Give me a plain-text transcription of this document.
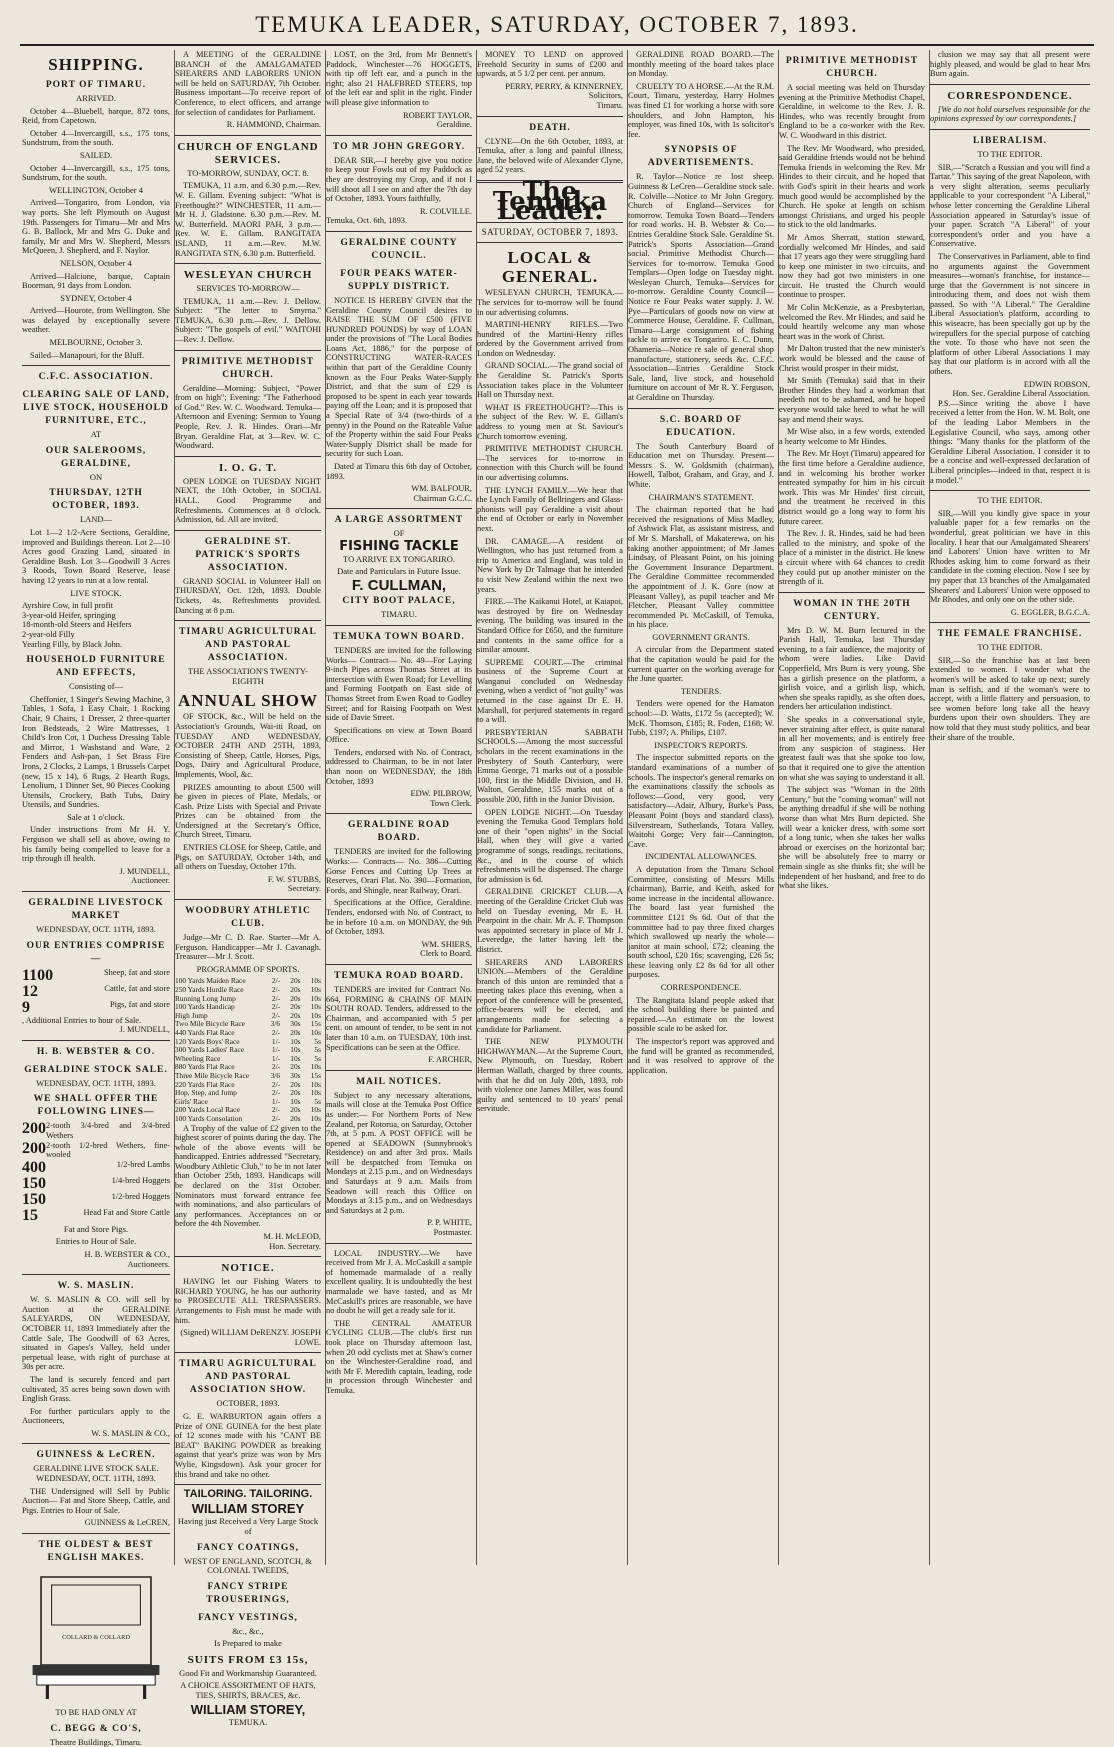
TEMUKA LEADER, SATURDAY, OCTOBER 7, 1893.
SHIPPING.
PORT OF TIMARU.
ARRIVED.

October 4—Bluebell, barque, 872 tons, Reid, from Capetown.

October 4—Invercargill, s.s., 175 tons, Sundstrum, from the south.

SAILED.

October 4—Invercargill, s.s., 175 tons, Sundstrum, for the south.

WELLINGTON, October 4

Arrived—Tongariro, from London, via way ports. She left Plymouth on August 19th. Passengers for Timaru—Mr and Mrs G. B. Ballock, Mr and Mrs G. Duke and family, Mr and Mrs W. Shepherd, Messrs McQueen, J. Shepherd, and F. Naylor.

NELSON, October 4

Arrived—Halcione, barque, Captain Boorman, 91 days from London.

SYDNEY, October 4

Arrived—Hourote, from Wellington. She was delayed by exceptionally severe weather.

MELBOURNE, October 3.

Sailed—Manapouri, for the Bluff.

C.F.C. ASSOCIATION.
CLEARING SALE OF LAND, LIVE STOCK, HOUSEHOLD FURNITURE, ETC.,
AT
OUR SALEROOMS, GERALDINE,
ON
THURSDAY, 12TH OCTOBER, 1893.
LAND—

Lot 1—2 1/2-Acre Sections, Geraldine, improved and Buildings thereon. Lot 2—10 Acres good Grazing Land, situated in Geraldine Bush. Lot 3—Goodwill 3 Acres 3 Roods, Town Board Reserve, lease having 12 years to run at a low rental.

LIVE STOCK.
Ayrshire Cow, in full profit
3-year-old Heifer, springing
18-month-old Steers and Heifers
2-year-old Filly
Yearling Filly, by Black John.
HOUSEHOLD FURNITURE AND EFFECTS,
Consisting of—

Cheffonier, 1 Singer's Sewing Machine, 3 Tables, 1 Sofa, 1 Easy Chair, 1 Rocking Chair, 9 Chairs, 1 Dresser, 2 three-quarter Iron Bedsteads, 2 Wire Mattresses, 1 Child's Iron Cot, 1 Duchess Dressing Table and Mirror, 1 Washstand and Ware, 2 Fenders and Ash-pan, 1 Set Brass Fire Irons, 2 Clocks, 2 Lamps, 1 Brussels Carpet (new, 15 x 14), 6 Rugs, 2 Hearth Rugs, Lenolium, 1 Dinner Set, 90 Pieces Cooking Utensils, Crockery, Bath Tubs, Dairy Utensils, and Sundries.

Sale at 1 o'clock.

Under instructions from Mr H. Y. Ferguson we shall sell as above, owing to his family being compelled to leave for a trip through ill health.

J. MUNDELL,
Auctioneer.
GERALDINE LIVESTOCK MARKET
WEDNESDAY, OCT. 11TH, 1893.
OUR ENTRIES COMPRISE—
1100	Sheep, fat and store
12	Cattle, fat and store
9	Pigs, fat and store
, Additional Entries to hour of Sale.
J. MUNDELL,
H. B. WEBSTER & CO.
GERALDINE STOCK SALE.
WEDNESDAY, OCT. 11TH, 1893.
WE SHALL OFFER THE FOLLOWING LINES—
200 2-tooth 3/4-bred and 3/4-bred Wethers
200 2-tooth 1/2-bred Wethers, fine-wooled
400	1/2-bred Lambs
150	1/4-bred Hoggets
150	1/2-bred Hoggets
15	Head Fat and Store Cattle
Fat and Store Pigs.
Entries to Hour of Sale.
H. B. WEBSTER & CO.,
Auctioneers.
W. S. MASLIN.

W. S. MASLIN & CO. will sell by Auction at the GERALDINE SALEYARDS, ON WEDNESDAY, OCTOBER 11, 1893 Immediately after the Cattle Sale, The Goodwill of 63 Acres, situated in Gapes's Valley, held under perpetual lease, with right of purchase at 30s per acre.

The land is securely fenced and part cultivated, 35 acres being sown down with English Grass.

For further particulars apply to the Auctioneers,

W. S. MASLIN & CO.,
GUINNESS & LeCREN.
GERALDINE LIVE STOCK SALE. WEDNESDAY, OCT. 11TH, 1893.

THE Undersigned will Sell by Public Auction— Fat and Store Sheep, Cattle, and Pigs. Entries to Hour of Sale.

GUINNESS & LeCREN,
THE OLDEST & BEST ENGLISH MAKES.
COLLARD & COLLARD
TO BE HAD ONLY AT
C. BEGG & CO'S,
Theatre Buildings, Timaru.

A MEETING of the GERALDINE BRANCH of the AMALGAMATED SHEARERS AND LABORERS UNION will be held on SATURDAY, 7th October. Business important—To receive report of Conference, to elect officers, and arrange for selection of candidates for Parliament.

R. HAMMOND, Chairman.
CHURCH OF ENGLAND SERVICES.
TO-MORROW, SUNDAY, OCT. 8.

TEMUKA, 11 a.m. and 6.30 p.m.—Rev. W. E. Gillam. Evening subject: "What is Freethought?" WINCHESTER, 11 a.m.—Mr H. J. Gladstone. 6.30 p.m.—Rev. M. W. Butterfield. MAORI PAH, 3 p.m.—Rev. W. E. Gillam. RANGITATA ISLAND, 11 a.m.—Rev. M.W. RANGITATA STN, 6.30 p.m. Butterfield.

WESLEYAN CHURCH
SERVICES TO-MORROW—

TEMUKA, 11 a.m.—Rev. J. Dellow. Subject: "The letter to Smyrna." TEMUKA, 6.30 p.m.—Rev. J. Dellow. Subject: "The gospels of evil." WAITOHI—Rev. J. Dellow.

PRIMITIVE METHODIST CHURCH.

Geraldine—Morning: Subject, "Power from on high"; Evening: "The Fatherhood of God." Rev. W. C. Woodward. Temuka—Afternoon and Evening: Sermon to Young People, Rev. J. R. Hindes. Orari—Mr Bryan. Geraldine Flat, at 3—Rev. W. C. Woodward.

I. O. G. T.

OPEN LODGE on TUESDAY NIGHT NEXT, the 10th October, in SOCIAL HALL. Good Programme and Refreshments. Commences at 8 o'clock. Admission, 6d. All are invited.

GERALDINE ST. PATRICK'S SPORTS ASSOCIATION.

GRAND SOCIAL in Volunteer Hall on THURSDAY, Oct. 12th, 1893. Double Tickets, 4s. Refreshments provided. Dancing at 8 p.m.

TIMARU AGRICULTURAL AND PASTORAL ASSOCIATION.
THE ASSOCIATION'S TWENTY-EIGHTH
ANNUAL SHOW

OF STOCK, &c., Will be held on the Association's Grounds, Wai-iti Road, on TUESDAY AND WEDNESDAY, OCTOBER 24TH AND 25TH, 1893, Consisting of Sheep, Cattle, Horses, Pigs, Dogs, Dairy and Agricultural Produce, Implements, Wool, &c.

PRIZES amounting to about £500 will be given in pieces of Plate, Medals, or Cash. Prize Lists with Special and Private Prizes can be obtained from the Undersigned at the Secretary's Office, Church Street, Timaru.

ENTRIES CLOSE for Sheep, Cattle, and Pigs, on SATURDAY, October 14th, and all others on Tuesday, October 17th.

F. W. STUBBS,
Secretary.
WOODBURY ATHLETIC CLUB.

Judge—Mr C. D. Rae. Starter—Mr A. Ferguson. Handicapper—Mr J. Cavanagh. Treasurer—Mr J. Scott.

PROGRAMME OF SPORTS.
100 Yards Maiden Race	2/-	20s	10s
250 Yards Hurdle Race	2/-	20s	10s
Running Long Jump	2/-	20s	10s
100 Yards Handicap	2/-	20s	10s
High Jump	2/-	20s	10s
Two Mile Bicycle Race	3/6	30s	15s
440 Yards Flat Race	2/-	20s	10s
120 Yards Boys' Race	1/-	10s	5s
300 Yards Ladies' Race	1/-	10s	5s
Wheeling Race	1/-	10s	5s
880 Yards Flat Race	2/-	20s	10s
Three Mile Bicycle Race	3/6	30s	15s
220 Yards Flat Race	2/-	20s	10s
Hop, Step, and Jump	2/-	20s	10s
Girls' Race	1/-	10s	5s
200 Yards Local Race	2/-	20s	10s
100 Yards Consolation	2/-	20s	10s

A Trophy of the value of £2 given to the highest scorer of points during the day. The whole of the above events will be handicapped. Entries addressed "Secretary, Woodbury Athletic Club," to be in not later than October 25th, 1893. Handicaps will be declared on the 31st October. Nominators must forward entrance fee with nominations, and also particulars of any performances. Acceptances on or before the 4th November.

M. H. McLEOD,
Hon. Secretary.
NOTICE.

HAVING let our Fishing Waters to RICHARD YOUNG, he has our authority to PROSECUTE ALL TRESPASSERS. Arrangements to Fish must be made with him.

(Signed) WILLIAM DeRENZY. JOSEPH LOWE.
TIMARU AGRICULTURAL AND PASTORAL ASSOCIATION SHOW.
OCTOBER, 1893.

G. E. WARBURTON again offers a Prize of ONE GUINEA for the best plate of 12 scones made with his "CANT BE BEAT" BAKING POWDER as breaking against that year's prize was won by Mrs Wylie, Kingsdown). Ask your grocer for this brand and take no other.

TAILORING. TAILORING.
WILLIAM STOREY
Having just Received a Very Large Stock of
FANCY COATINGS,
WEST OF ENGLAND, SCOTCH, & COLONIAL TWEEDS,
FANCY STRIPE TROUSERINGS,
FANCY VESTINGS,
&c., &c.,
Is Prepared to make
SUITS FROM £3 15s,
Good Fit and Workmanship Guaranteed.
A CHOICE ASSORTMENT OF HATS, TIES, SHIRTS, BRACES, &c.
WILLIAM STOREY,
TEMUKA.

LOST, on the 3rd, from Mr Bennett's Paddock, Winchester—76 HOGGETS, with tip off left ear, and a punch in the right; also 21 HALFBRED STEERS, top of the left ear and split in the right. Finder will please give information to

ROBERT TAYLOR,
Geraldine.
TO MR JOHN GREGORY.

DEAR SIR,—I hereby give you notice to keep your Fowls out of my Paddock as they are destroying my Crop, and if not I will shoot all I see on and after the 7th day of October, 1893. Yours faithfully,

R. COLVILLE.
Temuka, Oct. 6th, 1893.
GERALDINE COUNTY COUNCIL.
FOUR PEAKS WATER-SUPPLY DISTRICT.

NOTICE IS HEREBY GIVEN that the Geraldine County Council desires to RAISE THE SUM OF £500 (FIVE HUNDRED POUNDS) by way of LOAN under the provisions of "The Local Bodies Loans Act, 1886," for the purpose of CONSTRUCTING WATER-RACES within that part of the Geraldine County known as the Four Peaks Water-Supply District, and that the sum of £29 is proposed to be spent in each year towards paying off the Loan; and it is proposed that a Special Rate of 3/4 (two-thirds of a penny) in the Pound on the Rateable Value of the Property within the said Four Peaks Water-Supply District shall be made for security for such Loan.

Dated at Timaru this 6th day of October, 1893.

WM. BALFOUR,
Chairman G.C.C.
A LARGE ASSORTMENT
OF
FISHING TACKLE
TO ARRIVE EX TONGARIRO.
Date and Particulars in Future Issue.
F. CULLMAN,
CITY BOOT PALACE,
TIMARU.
TEMUKA TOWN BOARD.

TENDERS are invited for the following Works— Contract— No. 49—For Laying 9-inch Pipes across Thomas Street at its intersection with Ewen Road; for Levelling and Forming Footpath on East side of Thomas Street from Ewen Road to Godley Street; and for Raising Footpath on West side of Davie Street.

Specifications on view at Town Board Office.

Tenders, endorsed with No. of Contract, addressed to Chairman, to be in not later than noon on WEDNESDAY, the 18th October, 1893

EDW. PILBROW,
Town Clerk.
GERALDINE ROAD BOARD.

TENDERS are invited for the following Works:— Contracts— No. 386—Cutting Gorse Fences and Cutting Up Trees at Reserves, Orari Flat. No. 390—Formation, Fords, and Shingle, near Railway, Orari.

Specifications at the Office, Geraldine. Tenders, endorsed with No. of Contract, to be in before 10 a.m. on MONDAY, the 9th of October, 1893.

WM. SHIERS,
Clerk to Board.
TEMUKA ROAD BOARD.

TENDERS are invited for Contract No. 664, FORMING & CHAINS OF MAIN SOUTH ROAD. Tenders, addressed to the Chairman, and accompanied with 5 per cent. on amount of tender, to be sent in not later than 10 a.m. on TUESDAY, 10th inst. Specifications can be seen at the Office.

F. ARCHER,
MAIL NOTICES.

Subject to any necessary alterations, mails will close at the Temuka Post Office as under:— For Northern Ports of New Zealand, per Rotorua, on Saturday, October 7th, at 5 p.m. A POST OFFICE will be opened at SEADOWN (Sunnybrook's Residence) on and after 3rd prox. Mails will be despatched from Temuka on Mondays at 2.15 p.m., and on Wednesdays and Saturdays at 9 a.m. Mails from Seadown will reach this Office on Mondays at 3.15 p.m., and on Wednesdays and Saturdays at 2 p.m.

P. P. WHITE,
Postmaster.

LOCAL INDUSTRY.—We have received from Mr J. A. McCaskill a sample of homemade marmalade of a really excellent quality. It is undoubtedly the best marmalade we have tasted, and as Mr McCaskill's prices are reasonable, we have no doubt he will get a ready sale for it.

THE CENTRAL AMATEUR CYCLING CLUB.—The club's first run took place on Thursday afternoon last, when 20 odd cyclists met at Shaw's corner on the Winchester-Geraldine road, and with Mr F. Meredith captain, leading, rode in procession through Winchester and Temuka.

MONEY TO LEND on approved Freehold Security in sums of £200 and upwards, at 5 1/2 per cent. per annum.

PERRY, PERRY, & KINNERNEY,
Solicitors,
Timaru.
DEATH.

CLYNE—On the 6th October, 1893, at Temuka, after a long and painful illness, Jane, the beloved wife of Alexander Clyne, aged 52 years.

The Temuka Leader.
SATURDAY, OCTOBER 7, 1893.
LOCAL & GENERAL.

WESLEYAN CHURCH, TEMUKA.—The services for to-morrow will be found in our advertising columns.

MARTINI-HENRY RIFLES.—Two hundred of the Martini-Henry rifles ordered by the Government arrived from London on Wednesday.

GRAND SOCIAL.—The grand social of the Geraldine St. Patrick's Sports Association takes place in the Volunteer Hall on Thursday next.

WHAT IS FREETHOUGHT?—This is the subject of the Rev. W. E. Gillam's address to young men at St. Saviour's Church tomorrow evening.

PRIMITIVE METHODIST CHURCH.—The services for to-morrow in connection with this Church will be found in our advertising columns.

THE LYNCH FAMILY.—We hear that the Lynch Family of Bellringers and Glass-phonists will pay Geraldine a visit about the end of October or early in November next.

DR. CAMAGE.—A resident of Wellington, who has just returned from a trip to America and England, was told in New York by Dr Talmage that he intended to visit New Zealand within the next two years.

FIRE.—The Kaikanui Hotel, at Kaiapoi, was destroyed by fire on Wednesday evening. The building was insured in the Standard Office for £650, and the furniture and contents in the same office for a similar amount.

SUPREME COURT.—The criminal business of the Supreme Court at Wanganui concluded on Wednesday evening, when a verdict of "not guilty" was returned in the case against Dr E. H. Marshall, for perjured statements in regard to a will.

PRESBYTERIAN SABBATH SCHOOLS.—Among the most successful scholars in the recent examinations in the Presbytery of South Canterbury, were Emma George, 71 marks out of a possible 100, first in the Middle Division, and H. Walton, Geraldine, 155 marks out of a possible 200, fifth in the Junior Division.

OPEN LODGE NIGHT.—On Tuesday evening the Temuka Good Templars hold one of their "open nights" in the Social Hall, when they will give a varied programme of songs, readings, recitations, &c., and in the course of which refreshments will be dispensed. The charge for admission is 6d.

GERALDINE CRICKET CLUB.—A meeting of the Geraldine Cricket Club was held on Tuesday evening, Mr E. H. Pearpoint in the chair. Mr A. F. Thompson was appointed secretary in place of Mr J. Leveredge, the latter having left the district.

SHEARERS AND LABORERS UNION.—Members of the Geraldine branch of this union are reminded that a meeting takes place this evening, when a report of the conference will be presented, office-bearers will be elected, and arrangements made for selecting a candidate for Parliament.

THE NEW PLYMOUTH HIGHWAYMAN.—At the Supreme Court, New Plymouth, on Tuesday, Robert Herman Wallath, charged by three counts, with that he did on July 20th, 1893, rob with violence one James Miller, was found guilty and sentenced to 10 years' penal servitude.

GERALDINE ROAD BOARD.—The monthly meeting of the board takes place on Monday.

CRUELTY TO A HORSE.—At the R.M. Court, Timaru, yesterday, Harry Holmes was fined £1 for working a horse with sore shoulders, and John Hampton, his employer, was fined 10s, with 1s solicitor's fee.

SYNOPSIS OF ADVERTISEMENTS.

R. Taylor—Notice re lost sheep. Guinness & LeCren—Geraldine stock sale. R. Colville—Notice to Mr John Gregory. Church of England—Services for tomorrow. Temuka Town Board—Tenders for road works. H. B. Webster & Co.—Entries Geraldine Stock Sale. Geraldine St. Patrick's Sports Association—Grand social. Primitive Methodist Church—Services for to-morrow. Temuka Good Templars—Open lodge on Tuesday night. Wesleyan Church, Temuka—Services for to-morrow. Geraldine County Council—Notice re Four Peaks water supply. J. W. Pye—Particulars of goods now on view at Commerce House, Geraldine. F. Cullman, Timaru—Large consignment of fishing tackle to arrive ex Tongariro. E. C. Dunn, Ohameria—Notice re sale of general shop manufacture, stationery, seeds &c. C.F.C. Association—Entries Geraldine Stock Sale, land, live stock, and household furniture on account of Mr R. Y. Ferguson, at Geraldine on Thursday.

S.C. BOARD OF EDUCATION.

The South Canterbury Board of Education met on Thursday. Present—Messrs S. W. Goldsmith (chairman), Howell, Talbot, Graham, and Gray, and J. White.

CHAIRMAN'S STATEMENT.

The chairman reported that he had received the resignations of Miss Madley, of Ashwick Flat, as assistant mistress, and of Mr S. Marshall, of Makaterewa, on his taking another appointment; of Mr James Lindsay, of Pleasant Point, on his joining the Government Insurance Department. The Geraldine Committee recommended the appointment of J. K. Gore (now at Pleasant Valley), as pupil teacher and Mr Fletcher, Pleasant Valley committee recommended Pt. McCaskill, of Temuka, in his place.

GOVERNMENT GRANTS.

A circular from the Department stated that the capitation would be paid for the current quarter on the working average for the June quarter.

TENDERS.

Tenders were opened for the Hamaton school:—D. Watts, £172 5s (accepted); W. McK. Thomson, £185; R. Foden, £168; W. Tubb, £197; A. Philips, £107.

INSPECTOR'S REPORTS.

The inspector submitted reports on the standard examinations of a number of schools. The inspector's general remarks on the examinations classify the schools as follows:—Good, very good, very satisfactory—Adair, Albury, Burke's Pass, Pleasant Point (boys and standard class), Silverstream, Sutherlands, Totara Valley, Waitohi Gorge; Very fair—Cannington, Cave.

INCIDENTAL ALLOWANCES.

A deputation from the Timaru School Committee, consisting of Messrs Mills (chairman), Barrie, and Keith, asked for some increase in the incidental allowance. The board last year furnished the committee £121 9s 6d. Out of that the committee had to pay three fixed charges which swallowed up nearly the whole—janitor at main school, £72; cleaning the south school, £20 16s; scavenging, £26 5s; these leaving only £2 8s 6d for all other purposes.

CORRESPONDENCE.

The Rangitata Island people asked that the school building there be painted and repaired.—An estimate on the lowest possible scale to be asked for.

The inspector's report was approved and the fund will be granted as recommended, and it was resolved to approve of the application.

PRIMITIVE METHODIST CHURCH.

A social meeting was held on Thursday evening at the Primitive Methodist Chapel, Geraldine, in welcome to the Rev. J. R. Hindes, who was recently brought from England to be a co-worker with the Rev. W. C. Woodward in this district.

The Rev. Mr Woodward, who presided, said Geraldine friends would not be behind Temuka friends in welcoming the Rev. Mr Hindes to their circuit, and he hoped that with God's spirit in their hearts and work much good would be accomplished by the Church. He spoke at length on schism amongst Christians, and urged his people to stick to the old landmarks.

Mr Amos Sherratt, station steward, cordially welcomed Mr Hindes, and said that 17 years ago they were struggling hard to keep one minister in two circuits, and now they had got two ministers in one circuit. He trusted the Church would continue to prosper.

Mr Colin McKenzie, as a Presbyterian, welcomed the Rev. Mr Hindes, and said he could heartily welcome any man whose heart was in the work of Christ.

Mr Dalton trusted that the new minister's work would be blessed and the cause of Christ would prosper in their midst.

Mr Smith (Temuka) said that in their Brother Hindes they had a workman that needeth not to be ashamed, and he hoped everyone would take heed to what he will say and mend their ways.

Mr Wise also, in a few words, extended a hearty welcome to Mr Hindes.

The Rev. Mr Hoyt (Timaru) appeared for the first time before a Geraldine audience, and in welcoming his brother worker entreated sympathy for him in his circuit work. This was Mr Hindes' first circuit, and the treatment he received in this district would go a long way to form his future career.

The Rev. J. R. Hindes, said he had been called to the ministry, and spoke of the place of a minister in the district. He knew a circuit where with 64 chances to credit they could put up another minister on the strength of it.

WOMAN IN THE 20TH CENTURY.

Mrs D. W. M. Burn lectured in the Parish Hall, Temuka, last Thursday evening, to a fair audience, the majority of whom were ladies. Like David Copperfield, Mrs Burn is very young. She has a girlish presence on the platform, a girlish voice, and a girlish lisp, which, when she speaks rapidly, as she often does, renders her articulation indistinct.

She speaks in a conversational style, never straining after effect, is quite natural in all her movements, and is entirely free from any suspicion of staginess. Her greatest fault was that she spoke too low, so that it required one to give the attention on what she was saying to understand it all.

The subject was "Woman in the 20th Century," but the "coming woman" will not be anything dreadful if she will be nothing worse than what Mrs Burn depicted. She will wear a knicker dress, with some sort of a long tunic, when she takes her walks abroad or exercises on the horizontal bar; she will be absolutely free to marry or remain single as she thinks fit; she will be independent of her husband, and free to do what she likes.

clusion we may say that all present were highly pleased, and would be glad to hear Mrs Burn again.

CORRESPONDENCE.

[We do not hold ourselves responsible for the opinions expressed by our correspondents.]

LIBERALISM.
TO THE EDITOR.

SIR,—"Scratch a Russian and you will find a Tartar." This saying of the great Napoleon, with a very slight alteration, seems peculiarly applicable to your correspondent "A Liberal," whose letter concerning the Geraldine Liberal Association appeared in Saturday's issue of your paper. Scratch "A Liberal" of your correspondent's order and you have a Conservative.

The Conservatives in Parliament, able to find no arguments against the Government measures—woman's franchise, for instance—urge that the Government is not sincere in introducing them, and does not wish them passed. So with "A Liberal." The Geraldine Liberal Association's platform, according to this wiseacre, has been specially got up by the wirepullers for the special purpose of catching the vote. To those who have not seen the platform of other Liberal Associations I may say that our platform is in accord with all the others.

EDWIN ROBSON,
Hon. Sec. Geraldine Liberal Association.

P.S.—Since writing the above I have received a letter from the Hon. W. M. Bolt, one of the leading Labor Members in the Legislative Council, who says, among other things: "Many thanks for the platform of the Geraldine Liberal Association. I consider it to be a concise and well-expressed declaration of Liberal principles—indeed in that, respect it is a model."

TO THE EDITOR.

SIR,—Will you kindly give space in your valuable paper for a few remarks on the wonderful, great politician we have in this locality. I hear that our Amalgamated Shearers' and Laborers' Union have written to Mr Rhodes asking him to come forward as their candidate in the coming election. Now I see by my paper that 13 branches of the Amalgamated Shearers' and Laborers' Union were opposed to Mr Rhodes, and only one on the other side.

G. EGGLER, B.G.C.A.
THE FEMALE FRANCHISE.
TO THE EDITOR.

SIR,—So the franchise has at last been extended to women. I wonder what the women's will be asked to take up next; surely man is selfish, and if the woman's were to accept, with a little flattery and persuasion, to see women before long take all the heavy burdens upon their own shoulders. They are now told that they must study politics, and bear their share of the trouble.
